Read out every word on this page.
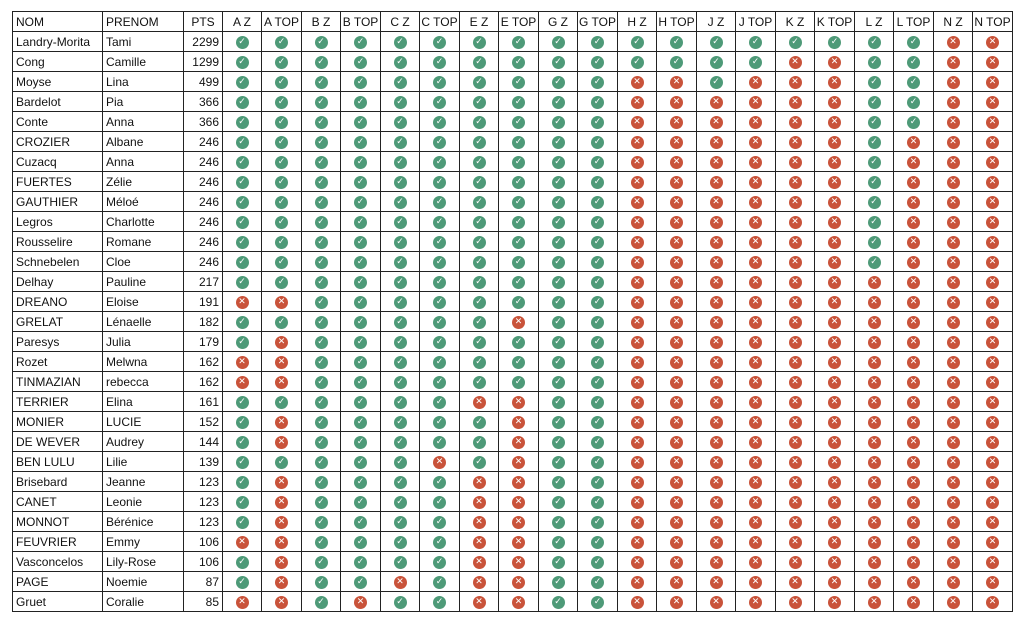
NOM	PRENOM	PTS	A Z	A TOP	B Z	B TOP	C Z	C TOP	E Z	E TOP	G Z	G TOP	H Z	H TOP	J Z	J TOP	K Z	K TOP	L Z	L TOP	N Z	N TOP
Landry-Morita	Tami	2299	✓	✓	✓	✓	✓	✓	✓	✓	✓	✓	✓	✓	✓	✓	✓	✓	✓	✓	✕	✕
Cong	Camille	1299	✓	✓	✓	✓	✓	✓	✓	✓	✓	✓	✓	✓	✓	✓	✕	✕	✓	✓	✕	✕
Moyse	Lina	499	✓	✓	✓	✓	✓	✓	✓	✓	✓	✓	✕	✕	✓	✕	✕	✕	✓	✓	✕	✕
Bardelot	Pia	366	✓	✓	✓	✓	✓	✓	✓	✓	✓	✓	✕	✕	✕	✕	✕	✕	✓	✓	✕	✕
Conte	Anna	366	✓	✓	✓	✓	✓	✓	✓	✓	✓	✓	✕	✕	✕	✕	✕	✕	✓	✓	✕	✕
CROZIER	Albane	246	✓	✓	✓	✓	✓	✓	✓	✓	✓	✓	✕	✕	✕	✕	✕	✕	✓	✕	✕	✕
Cuzacq	Anna	246	✓	✓	✓	✓	✓	✓	✓	✓	✓	✓	✕	✕	✕	✕	✕	✕	✓	✕	✕	✕
FUERTES	Zélie	246	✓	✓	✓	✓	✓	✓	✓	✓	✓	✓	✕	✕	✕	✕	✕	✕	✓	✕	✕	✕
GAUTHIER	Méloé	246	✓	✓	✓	✓	✓	✓	✓	✓	✓	✓	✕	✕	✕	✕	✕	✕	✓	✕	✕	✕
Legros	Charlotte	246	✓	✓	✓	✓	✓	✓	✓	✓	✓	✓	✕	✕	✕	✕	✕	✕	✓	✕	✕	✕
Rousselire	Romane	246	✓	✓	✓	✓	✓	✓	✓	✓	✓	✓	✕	✕	✕	✕	✕	✕	✓	✕	✕	✕
Schnebelen	Cloe	246	✓	✓	✓	✓	✓	✓	✓	✓	✓	✓	✕	✕	✕	✕	✕	✕	✓	✕	✕	✕
Delhay	Pauline	217	✓	✓	✓	✓	✓	✓	✓	✓	✓	✓	✕	✕	✕	✕	✕	✕	✕	✕	✕	✕
DREANO	Eloise	191	✕	✕	✓	✓	✓	✓	✓	✓	✓	✓	✕	✕	✕	✕	✕	✕	✕	✕	✕	✕
GRELAT	Lénaelle	182	✓	✓	✓	✓	✓	✓	✓	✕	✓	✓	✕	✕	✕	✕	✕	✕	✕	✕	✕	✕
Paresys	Julia	179	✓	✕	✓	✓	✓	✓	✓	✓	✓	✓	✕	✕	✕	✕	✕	✕	✕	✕	✕	✕
Rozet	Melwna	162	✕	✕	✓	✓	✓	✓	✓	✓	✓	✓	✕	✕	✕	✕	✕	✕	✕	✕	✕	✕
TINMAZIAN	rebecca	162	✕	✕	✓	✓	✓	✓	✓	✓	✓	✓	✕	✕	✕	✕	✕	✕	✕	✕	✕	✕
TERRIER	Elina	161	✓	✓	✓	✓	✓	✓	✕	✕	✓	✓	✕	✕	✕	✕	✕	✕	✕	✕	✕	✕
MONIER	LUCIE	152	✓	✕	✓	✓	✓	✓	✓	✕	✓	✓	✕	✕	✕	✕	✕	✕	✕	✕	✕	✕
DE WEVER	Audrey	144	✓	✕	✓	✓	✓	✓	✓	✕	✓	✓	✕	✕	✕	✕	✕	✕	✕	✕	✕	✕
BEN LULU	Lilie	139	✓	✓	✓	✓	✓	✕	✓	✕	✓	✓	✕	✕	✕	✕	✕	✕	✕	✕	✕	✕
Brisebard	Jeanne	123	✓	✕	✓	✓	✓	✓	✕	✕	✓	✓	✕	✕	✕	✕	✕	✕	✕	✕	✕	✕
CANET	Leonie	123	✓	✕	✓	✓	✓	✓	✕	✕	✓	✓	✕	✕	✕	✕	✕	✕	✕	✕	✕	✕
MONNOT	Bérénice	123	✓	✕	✓	✓	✓	✓	✕	✕	✓	✓	✕	✕	✕	✕	✕	✕	✕	✕	✕	✕
FEUVRIER	Emmy	106	✕	✕	✓	✓	✓	✓	✕	✕	✓	✓	✕	✕	✕	✕	✕	✕	✕	✕	✕	✕
Vasconcelos	Lily-Rose	106	✓	✕	✓	✓	✓	✓	✕	✕	✓	✓	✕	✕	✕	✕	✕	✕	✕	✕	✕	✕
PAGE	Noemie	87	✓	✕	✓	✓	✕	✓	✕	✕	✓	✓	✕	✕	✕	✕	✕	✕	✕	✕	✕	✕
Gruet	Coralie	85	✕	✕	✓	✕	✓	✓	✕	✕	✓	✓	✕	✕	✕	✕	✕	✕	✕	✕	✕	✕
